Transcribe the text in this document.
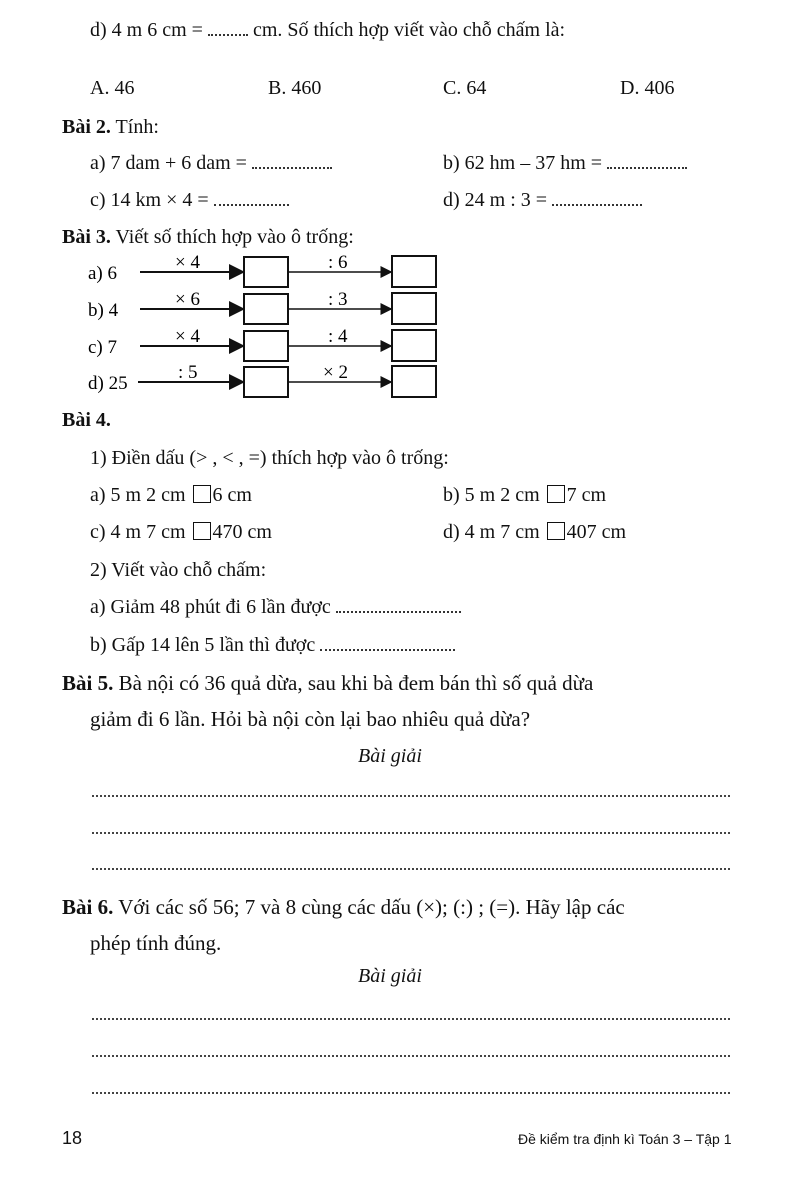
d) 4 m 6 cm =  cm. Số thích hợp viết vào chỗ chấm là:
A. 46	B. 460	C. 64	D. 406
Bài 2. Tính:
a) 7 dam + 6 dam =	b) 62 hm – 37 hm =
c) 14 km × 4 =	d) 24 m : 3 =
Bài 3. Viết số thích hợp vào ô trống:
a) 6
× 4	: 6
b) 4
× 6	: 3
c) 7
× 4	: 4
d) 25
: 5	× 2
Bài 4.
1) Điền dấu (> , < , =) thích hợp vào ô trống:
a) 5 m 2 cm 6 cm	b) 5 m 2 cm 7 cm
c) 4 m 7 cm 470 cm	d) 4 m 7 cm 407 cm
2) Viết vào chỗ chấm:
a) Giảm 48 phút đi 6 lần được
b) Gấp 14 lên 5 lần thì được
Bài 5. Bà nội có 36 quả dừa, sau khi bà đem bán thì số quả dừa
giảm đi 6 lần. Hỏi bà nội còn lại bao nhiêu quả dừa?
Bài giải
Bài 6. Với các số 56; 7 và 8 cùng các dấu (×); (:) ; (=). Hãy lập các
phép tính đúng.
Bài giải
18	Đề kiểm tra định kì Toán 3 – Tập 1
